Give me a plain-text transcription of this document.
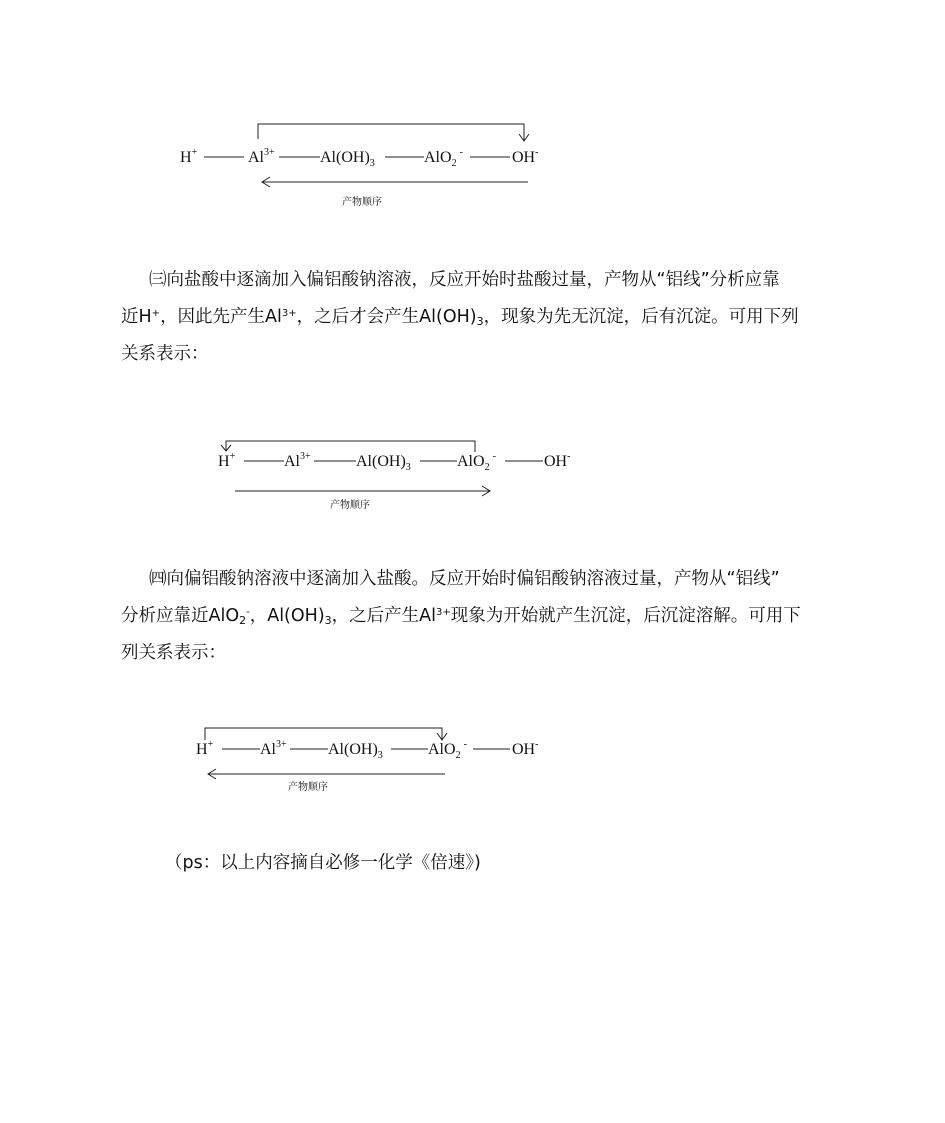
H+	$Al^{3+}$	$Al(OH)_3$	AlO$_2$-	OH-
产物顺序
㈢向盐酸中逐滴加入偏铝酸钠溶液，反应开始时盐酸过量，产物从“铝线”分析应靠
近H+，因此先产生$Al^{3+}$，之后才会产生$Al(OH)_3$，现象为先无沉淀，后有沉淀。可用下列
关系表示：
H+	$Al^{3+}$	$Al(OH)_3$	AlO$_2$-	OH-
产物顺序
㈣向偏铝酸钠溶液中逐滴加入盐酸。反应开始时偏铝酸钠溶液过量，产物从“铝线”
分析应靠近AlO$_2$-，$Al(OH)_3$，之后产生$Al^{3+}$现象为开始就产生沉淀，后沉淀溶解。可用下
列关系表示：
H+	$Al^{3+}$	$Al(OH)_3$	AlO$_2$-	OH-
产物顺序
（ps：以上内容摘自必修一化学《倍速》)
